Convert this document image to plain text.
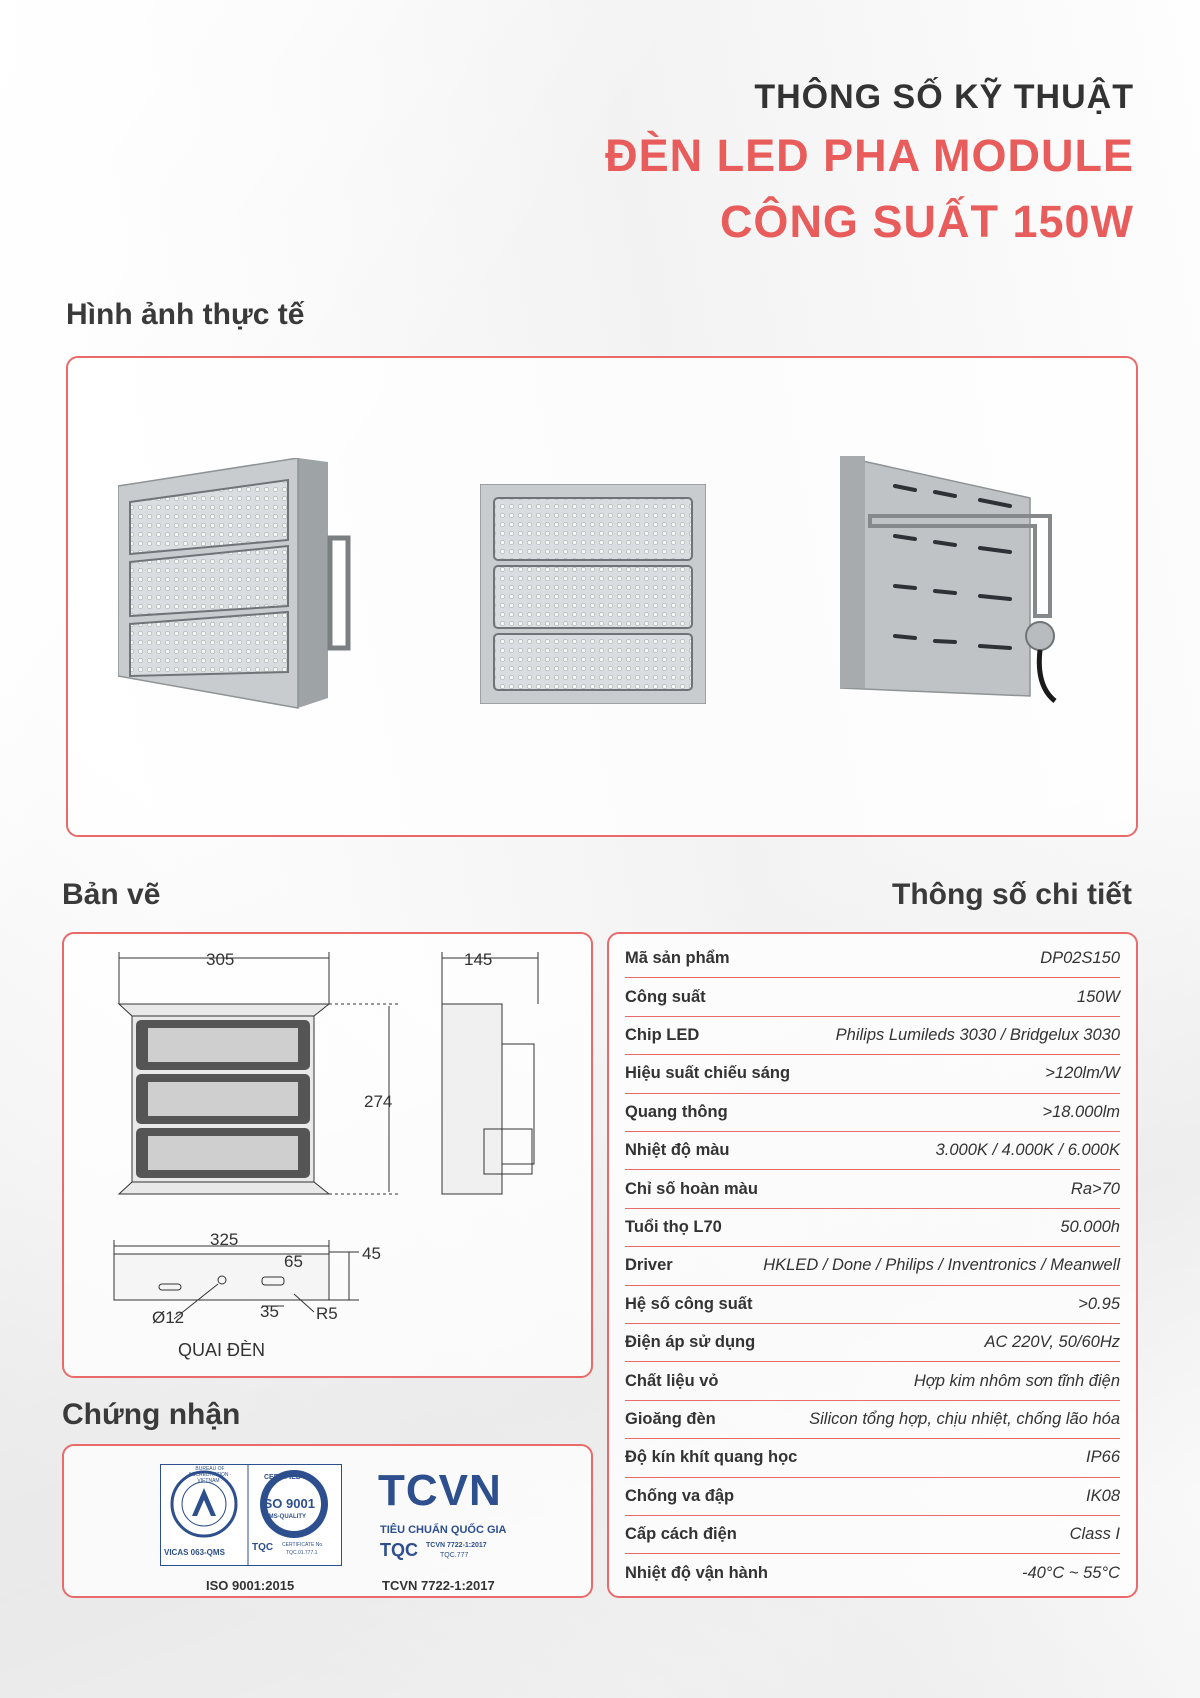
THÔNG SỐ KỸ THUẬT
ĐÈN LED PHA MODULE
CÔNG SUẤT 150W
Hình ảnh thực tế
Bản vẽ
305	145
274
325
65	45
Ø12	35 R5
QUAI ĐÈN
Thông số chi tiết
Mã sản phẩm	DP02S150
Công suất	150W
Chip LED	Philips Lumileds 3030 / Bridgelux 3030
Hiệu suất chiếu sáng	>120lm/W
Quang thông	>18.000lm
Nhiệt độ màu	3.000K / 4.000K / 6.000K
Chỉ số hoàn màu	Ra>70
Tuổi thọ L70	50.000h
Driver	HKLED / Done / Philips / Inventronics / Meanwell
Hệ số công suất	>0.95
Điện áp sử dụng	AC 220V, 50/60Hz
Chất liệu vỏ	Hợp kim nhôm sơn tĩnh điện
Gioăng đèn	Silicon tổng hợp, chịu nhiệt, chống lão hóa
Độ kín khít quang học	IP66
Chống va đập	IK08
Cấp cách điện	Class I
Nhiệt độ vận hành	-40°C ~ 55°C
Chứng nhận
VICAS 063-QMS
BUREAU OF ACCREDITATION · VIETNAM ·	CERTIFIED
ISO 9001
QMS-QUALITY
TQC CERTIFICATE No.
TQC.01.777.1
ISO 9001:2015
TCVN
TIÊU CHUẨN QUỐC GIA
TQC TCVN 7722-1:2017
TQC.777
TCVN 7722-1:2017
